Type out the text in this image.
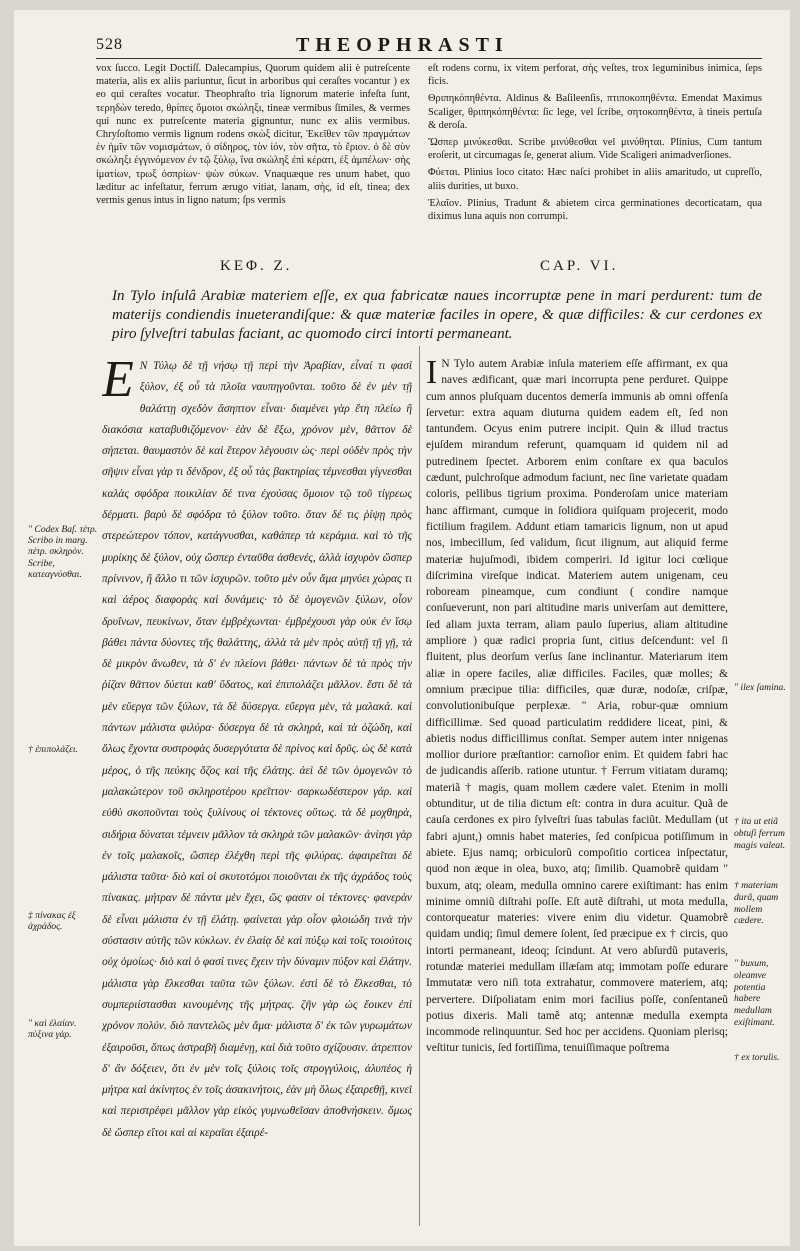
528	THEOPHRASTI

vox ſucco. Legit Doctiſſ. Dalecampius, Quorum quidem alii è putreſcente materia, alis ex aliis pariuntur, ſicut in arboribus qui ceraſtes vocantur ) ex eo qui ceraſtes vocatur. Theophraſto tria lignorum materie infeſta ſunt, τερηδὼν teredo, θρίπες ὅμοιοι σκώληξι, tineæ vermibus ſimiles, & vermes qui nunc ex putreſcente materia gignuntur, nunc ex aliis vermibus. Chryſoſtomo vermis lignum rodens σκὼξ dicitur, Ἐκεῖθεν τῶν πραγμάτων ἐν ἡμῖν τῶν νομισμάτων, ὁ σίδηρος, τὸν ἰόν, τὸν σῆτα, τὸ ἔριον. ὁ δὲ σὺν σκώληξι ἐγγινόμενον ἐν τῷ ξύλῳ, ἵνα σκώληξ ἐπὶ κέρατι, ἐξ ἀμπέλων· σὴς ἱματίων, τρωξ ὀσπρίων· ψὼν σύκων. Vnaquæque res unum habet, quo læditur ac infeſtatur, ferrum ærugo vitiat, lanam, σὴς, id eſt, tinea; dex vermis genus intus in ligno natum; ſps vermis

eſt rodens cornu, ix vitem perforat, σὴς veſtes, trox leguminibus inimica, ſeps ficis.

Θριπηκόπηθέντα. Aldinus & Baſileenſis, πτιποκοπηθέντα. Emendat Maximus Scaliger, θριπηκόπηθέντα: ſic lege, vel ſcribe, σητοκοπηθέντα, à tineis pertuſa & deroſa.

Ὥσπερ μινύκεσθαι. Scribe μινύθεσθαι vel μινύθηται. Plinius, Cum tantum eroſerit, ut circumagas ſe, generat alium. Vide Scaligeri animadverſiones.

Φύεται. Plinius loco citato: Hæc naſci prohibet in aliis amaritudo, ut cupreſſo, aliis durities, ut buxo.

Ἐλαῖον. Plinius, Tradunt & abietem circa germinationes decorticatam, qua diximus luna aquis non corrumpi.

ΚΕΦ. Ζ.	CAP. VI.
In Tylo inſulâ Arabiæ materiem eſſe, ex qua fabricatæ naues incorruptæ pene in mari perdurent: tum de materijs condiendis inueterandiſque: & quæ materiæ faciles in opere, & quæ difficiles: & cur cerdones ex piro ſylveſtri tabulas faciant, ac quomodo circi intorti permaneant.
" Codex Baſ. τέτρ. Scribo in marg. πέτρ. σκληρὸν. Scribe, κατεαγνύσθαι.
† ἐπιπολάζει.
‡ πίνακας ἐξ ἀχράδος.
" καὶ ἐλαίαν. πύξινα γὰρ.
Ε Ν Τύλῳ δὲ τῇ νήσῳ τῇ περὶ τὴν Ἀραβίαν, εἶναί τι φασὶ ξύλον, ἐξ οὗ τὰ πλοῖα ναυπηγοῦνται. τοῦτο δὲ ἐν μὲν τῇ θαλάττῃ σχεδὸν ἄσηπτον εἶναι· διαμένει γὰρ ἔτη πλείω ἢ διακόσια καταβυθιζόμενον· ἐὰν δὲ ἔξω, χρόνον μὲν, θᾶττον δὲ σήπεται. θαυμαστὸν δὲ καὶ ἕτερον λέγουσιν ὡς· περὶ οὐδὲν πρὸς τὴν σῆψιν εἶναι γὰρ τι δένδρον, ἐξ οὗ τὰς βακτηρίας τέμνεσθαι γίγνεσθαι καλὰς σφόδρα ποικιλίαν δέ τινα ἐχούσας ὅμοιον τῷ τοῦ τίγρεως δέρματι. βαρὺ δὲ σφόδρα τὸ ξύλον τοῦτο. ὅταν δέ τις ῥίψῃ πρὸς στερεώτερον τόπον, κατάγνυσθαι, καθάπερ τὰ κεράμια. καὶ τὸ τῆς μυρίκης δὲ ξύλον, οὐχ ὥσπερ ἐνταῦθα ἀσθενές, ἀλλὰ ἰσχυρὸν ὥσπερ πρίνινον, ἢ ἄλλο τι τῶν ἰσχυρῶν. τοῦτο μὲν οὖν ἅμα μηνύει χώρας τι καὶ ἀέρος διαφορὰς καὶ δυνάμεις· τὸ δὲ ὁμογενῶν ξύλων, οἷον δρυΐνων, πευκίνων, ὅταν ἐμβρέχωνται· ἐμβρέχουσι γὰρ οὐκ ἐν ἴσῳ βάθει πάντα δύοντες τῆς θαλάττης, ἀλλὰ τὰ μὲν πρὸς αὐτῇ τῇ γῇ, τὰ δὲ μικρὸν ἄνωθεν, τὰ δ' ἐν πλείονι βάθει· πάντων δὲ τὰ πρὸς τὴν ῥίζαν θᾶττον δύεται καθ' ὕδατος, καὶ ἐπιπολάζει μᾶλλον. ἔστι δὲ τὰ μὲν εὔεργα τῶν ξύλων, τὰ δὲ δύσεργα. εὔεργα μὲν, τὰ μαλακά. καὶ πάντων μάλιστα φιλύρα· δύσεργα δὲ τὰ σκληρά, καὶ τὰ ὀζώδη, καὶ ὅλως ἔχοντα συστροφὰς δυσεργότατα δὲ πρίνος καὶ δρῦς. ὡς δὲ κατὰ μέρος, ὁ τῆς πεύκης ὄζος καὶ τῆς ἐλάτης. ἀεὶ δὲ τῶν ὁμογενῶν τὸ μαλακώτερον τοῦ σκληροτέρου κρεῖττον· σαρκωδέστερον γάρ. καὶ εὐθὺ σκοποῦνται τοὺς ξυλίνους οἱ τέκτονες οὕτως. τὰ δὲ μοχθηρὰ, σιδήρια δύναται τέμνειν μᾶλλον τὰ σκληρὰ τῶν μαλακῶν· ἀνίησι γὰρ ἐν τοῖς μαλακοῖς, ὥσπερ ἐλέχθη περὶ τῆς φιλύρας. ἀφαιρεῖται δὲ μάλιστα ταῦτα· διὸ καὶ οἱ σκυτοτόμοι ποιοῦνται ἐκ τῆς ἀχράδος τοὺς πίνακας. μήτραν δὲ πάντα μὲν ἔχει, ὥς φασιν οἱ τέκτονες· φανερὰν δὲ εἶναι μάλιστα ἐν τῇ ἐλάτῃ. φαίνεται γὰρ οἷον φλοιώδη τινὰ τὴν σύστασιν αὐτῆς τῶν κύκλων. ἐν ἐλαίᾳ δὲ καὶ πύξῳ καὶ τοῖς τοιούτοις οὐχ ὁμοίως· διὸ καὶ ὁ φασί τινες ἔχειν τὴν δύναμιν πύξον καὶ ἐλάτην. μάλιστα γὰρ ἕλκεσθαι ταῦτα τῶν ξύλων. ἐστὶ δὲ τὸ ἕλκεσθαι, τὸ συμπεριίστασθαι κινουμένης τῆς μήτρας. ζῆν γὰρ ὡς ἔοικεν ἐπὶ χρόνον πολύν. διὸ παντελῶς μὲν ἅμα· μάλιστα δ' ἐκ τῶν γυρωμάτων ἐξαιροῦσι, ὅπως ἀστραβῆ διαμένῃ, καὶ διὰ τοῦτο σχίζουσιν. ἀτρεπτον δ' ἂν δόξειεν, ὅτι ἐν μὲν τοῖς ξύλοις τοῖς στρογγύλοις, ἀλυπέος ἡ μήτρα καὶ ἀκίνητος ἐν τοῖς ἀσακινήτοις, ἐὰν μὴ ὅλως ἐξαιρεθῇ, κινεῖ καὶ περιστρέφει μᾶλλον γὰρ εἰκὸς γυμνωθεῖσαν ἀποθνήσκειν. ὅμως δὲ ὥσπερ εἴτοι καὶ αἱ κεραῖαι ἐξαιρέ-
I N Tylo autem Arabiæ inſula materiem eſſe affirmant, ex qua naves ædificant, quæ mari incorrupta pene perduret. Quippe cum annos pluſquam ducentos demerſa immunis ab omni offenſa ſervetur: extra aquam diuturna quidem eadem eſt, ſed non tantundem. Ocyus enim putrere incipit. Quin & illud tractus ejuſdem mirandum referunt, quamquam id quidem nil ad putredinem ſpectet. Arborem enim conſtare ex qua baculos cædunt, pulchroſque admodum faciunt, nec ſine varietate quadam coloris, pellibus tigrium proxima. Ponderoſam unice materiam hanc affirmant, cumque in ſolidiora quiſquam projecerit, modo fictilium fragilem. Addunt etiam tamaricis lignum, non ut apud nos, imbecillum, ſed validum, ſicut ilignum, aut aliquid ferme materiæ hujuſmodi, ibidem comperiri. Id igitur loci cœlique diſcrimina vireſque indicat. Materiem autem unigenam, ceu roboream pineamque, cum condiunt ( condire namque conſueverunt, non pari altitudine maris univerſam aut demittere, ſed aliam juxta terram, aliam paulo ſuperius, aliam altitudine ampliore ) quæ radici propria ſunt, citius deſcendunt: vel ſi fluitent, plus deorſum verſus ſane inclinantur. Materiarum item aliæ in opere faciles, aliæ difficiles. Faciles, quæ molles; & omnium præcipue tilia: difficiles, quæ duræ, nodoſæ, criſpæ, convolutionibuſque perplexæ. " Aria, robur-quæ omnium difficillimæ. Sed quoad particulatim reddidere liceat, pini, & abietis nodus difficillimus conſtat. Semper autem inter nnigenas mollior duriore præſtantior: carnoſior enim. Et quidem fabri hac de judicandis aſſerib. ratione utuntur. † Ferrum vitiatam duramq; materiã † magis, quam mollem cædere valet. Etenim in molli obtunditur, ut de tilia dictum eſt: contra in dura acuitur. Quã de cauſa cerdones ex piro ſylveſtri ſuas tabulas faciũt. Medullam (ut fabri ajunt,) omnis habet materies, ſed conſpicua potiſſimum in abiete. Ejus namq; orbiculorũ compoſitio corticea inſpectatur, quod non æque in olea, buxo, atq; ſimilib. Quamobrẽ quidam " buxum, atq; oleam, medulla omnino carere exiſtimant: has enim minime omniũ diſtrahi poſſe. Eſt autẽ diſtrahi, ut mota medulla, contorqueatur materies: vivere enim diu videtur. Quamobrẽ quidam undiq; ſimul demere ſolent, ſed præcipue ex † circis, quo intorti permaneant, ideoq; ſcindunt. At vero abſurdũ putaveris, rotundæ materiei medullam illæſam atq; immotam poſſe edurare Immutatæ vero niſi tota extrahatur, commovere materiem, atq; pervertere. Diſpoliatam enim mori facilius poſſe, conſentaneũ potius dixeris. Mali tamẽ atq; antennæ medulla exempta incommode relinquuntur. Sed hoc per accidens. Quoniam plerisq; veſtitur tunicis, ſed fortiſſima, tenuiſſimaque poſtrema
" ilex ſamina.
† ita ut etiã obtuſi ferrum magis valeat.
† materiam durã, quam mollem cædere.
" buxum, oleamve potentia habere medullam exiſtimant.
† ex torulis.
